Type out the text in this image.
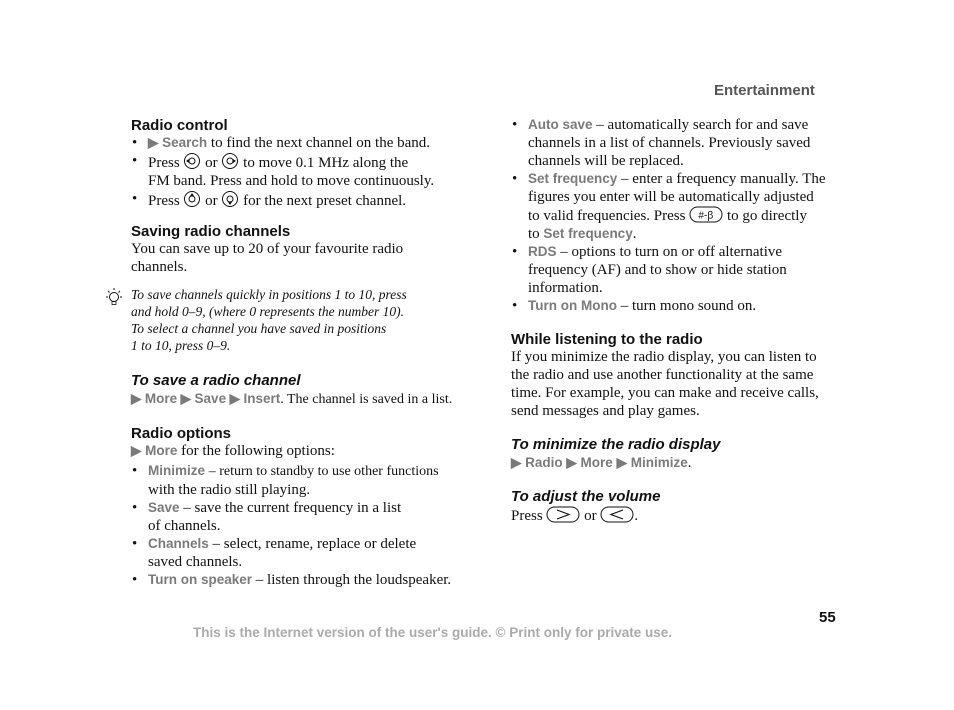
Entertainment
Radio control
• ▶ Search to find the next channel on the band.
• Press or to move 0.1 MHz along the
FM band. Press and hold to move continuously.
• Press or for the next preset channel.
Saving radio channels
You can save up to 20 of your favourite radio
channels.
To save channels quickly in positions 1 to 10, press
and hold 0–9, (where 0 represents the number 10).
To select a channel you have saved in positions
1 to 10, press 0–9.
To save a radio channel
▶ More ▶ Save ▶ Insert. The channel is saved in a list.
Radio options
▶ More for the following options:
• Minimize – return to standby to use other functions
with the radio still playing.
• Save – save the current frequency in a list
of channels.
• Channels – select, rename, replace or delete
saved channels.
• Turn on speaker – listen through the loudspeaker.
• Auto save – automatically search for and save
channels in a list of channels. Previously saved
channels will be replaced.
• Set frequency – enter a frequency manually. The
figures you enter will be automatically adjusted
to valid frequencies. Press #-ꞵ to go directly
to Set frequency.
• RDS – options to turn on or off alternative
frequency (AF) and to show or hide station
information.
• Turn on Mono – turn mono sound on.
While listening to the radio
If you minimize the radio display, you can listen to
the radio and use another functionality at the same
time. For example, you can make and receive calls,
send messages and play games.
To minimize the radio display
▶ Radio ▶ More ▶ Minimize.
To adjust the volume
Press	or	.
55
This is the Internet version of the user's guide. © Print only for private use.
